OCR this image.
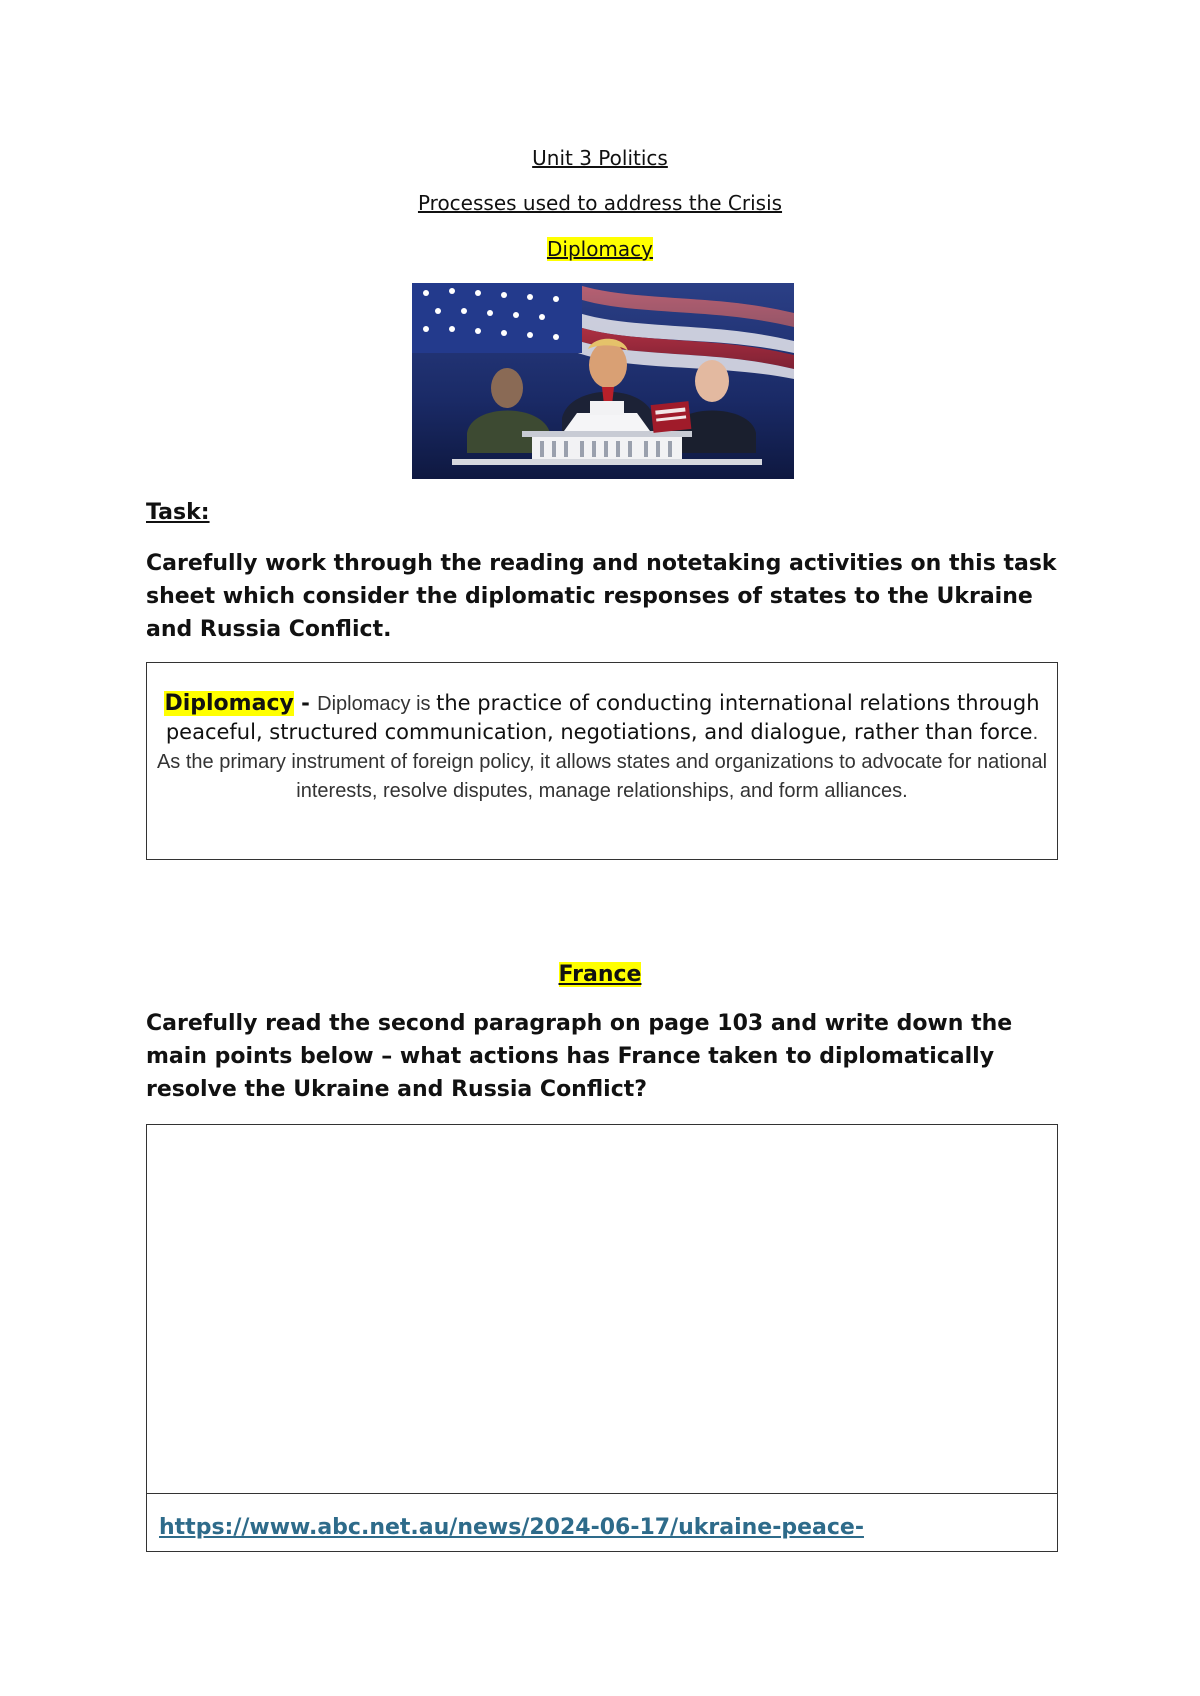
Unit 3 Politics
Processes used to address the Crisis
Diplomacy
Task:
Carefully work through the reading and notetaking activities on this task sheet which consider the diplomatic responses of states to the Ukraine and Russia Conflict.
Diplomacy - Diplomacy is the practice of conducting international relations through peaceful, structured communication, negotiations, and dialogue, rather than force. As the primary instrument of foreign policy, it allows states and organizations to advocate for national interests, resolve disputes, manage relationships, and form alliances.
France
Carefully read the second paragraph on page 103 and write down the main points below – what actions has France taken to diplomatically resolve the Ukraine and Russia Conflict?
https://www.abc.net.au/news/2024-06-17/ukraine-peace-
